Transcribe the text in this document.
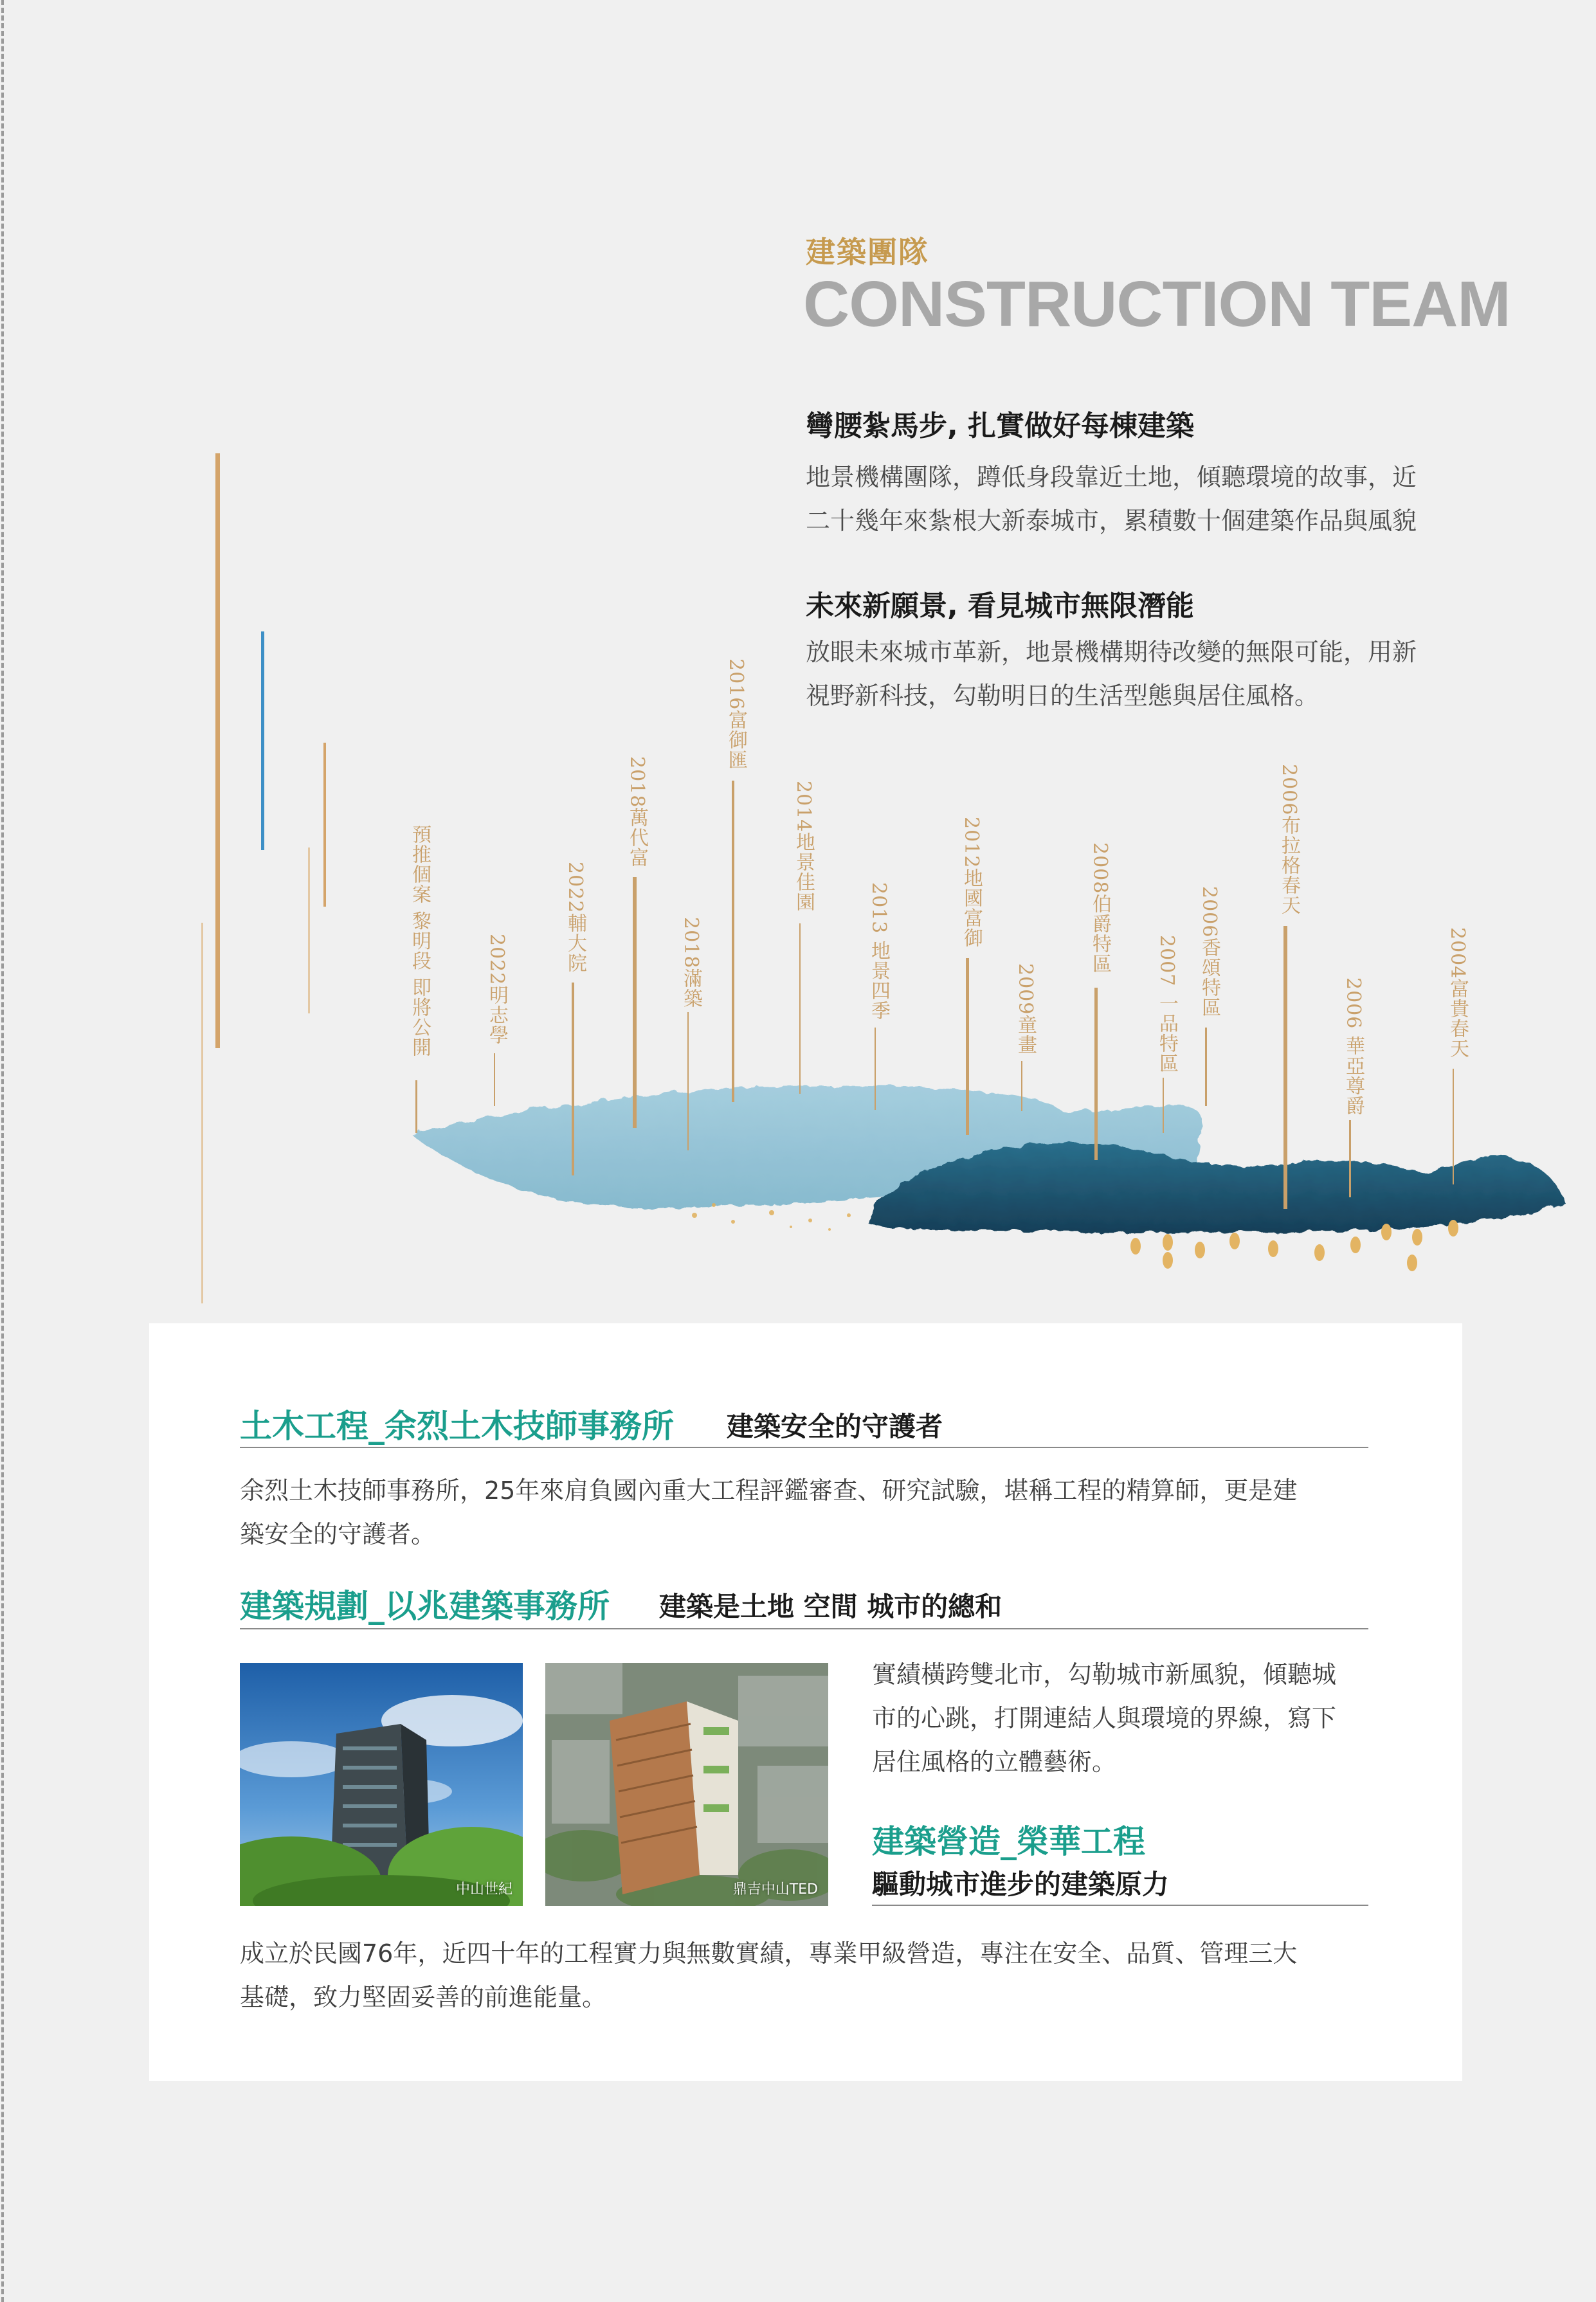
建築團隊
CONSTRUCTION TEAM
彎腰紮馬步, 扎實做好每棟建築

地景機構團隊，蹲低身段靠近土地，傾聽環境的故事，近
二十幾年來紮根大新泰城市，累積數十個建築作品與風貌

未來新願景, 看見城市無限潛能

放眼未來城市革新，地景機構期待改變的無限可能，用新
視野新科技，勾勒明日的生活型態與居住風格。

預推個案 黎明段 即將公開	2022明志學
2022輔大院
2018萬代富
2018滿築
2016富御匯
2014地景佳園
2013 地景四季	2012地國富御
2009童畫
2008伯爵特區
2007 一品特區 2006香頌特區
2006布拉格春天
2006 華亞尊爵	2004富貴春天
土木工程_余烈土木技師事務所 建築安全的守護者

余烈土木技師事務所，25年來肩負國內重大工程評鑑審查、研究試驗，堪稱工程的精算師，更是建
築安全的守護者。

建築規劃_以兆建築事務所 建築是土地 空間 城市的總和
中山世紀	鼎吉中山TED

實績橫跨雙北市，勾勒城市新風貌，傾聽城
市的心跳，打開連結人與環境的界線，寫下
居住風格的立體藝術。

建築營造_榮華工程
驅動城市進步的建築原力

成立於民國76年，近四十年的工程實力與無數實績，專業甲級營造，專注在安全、品質、管理三大
基礎，致力堅固妥善的前進能量。
